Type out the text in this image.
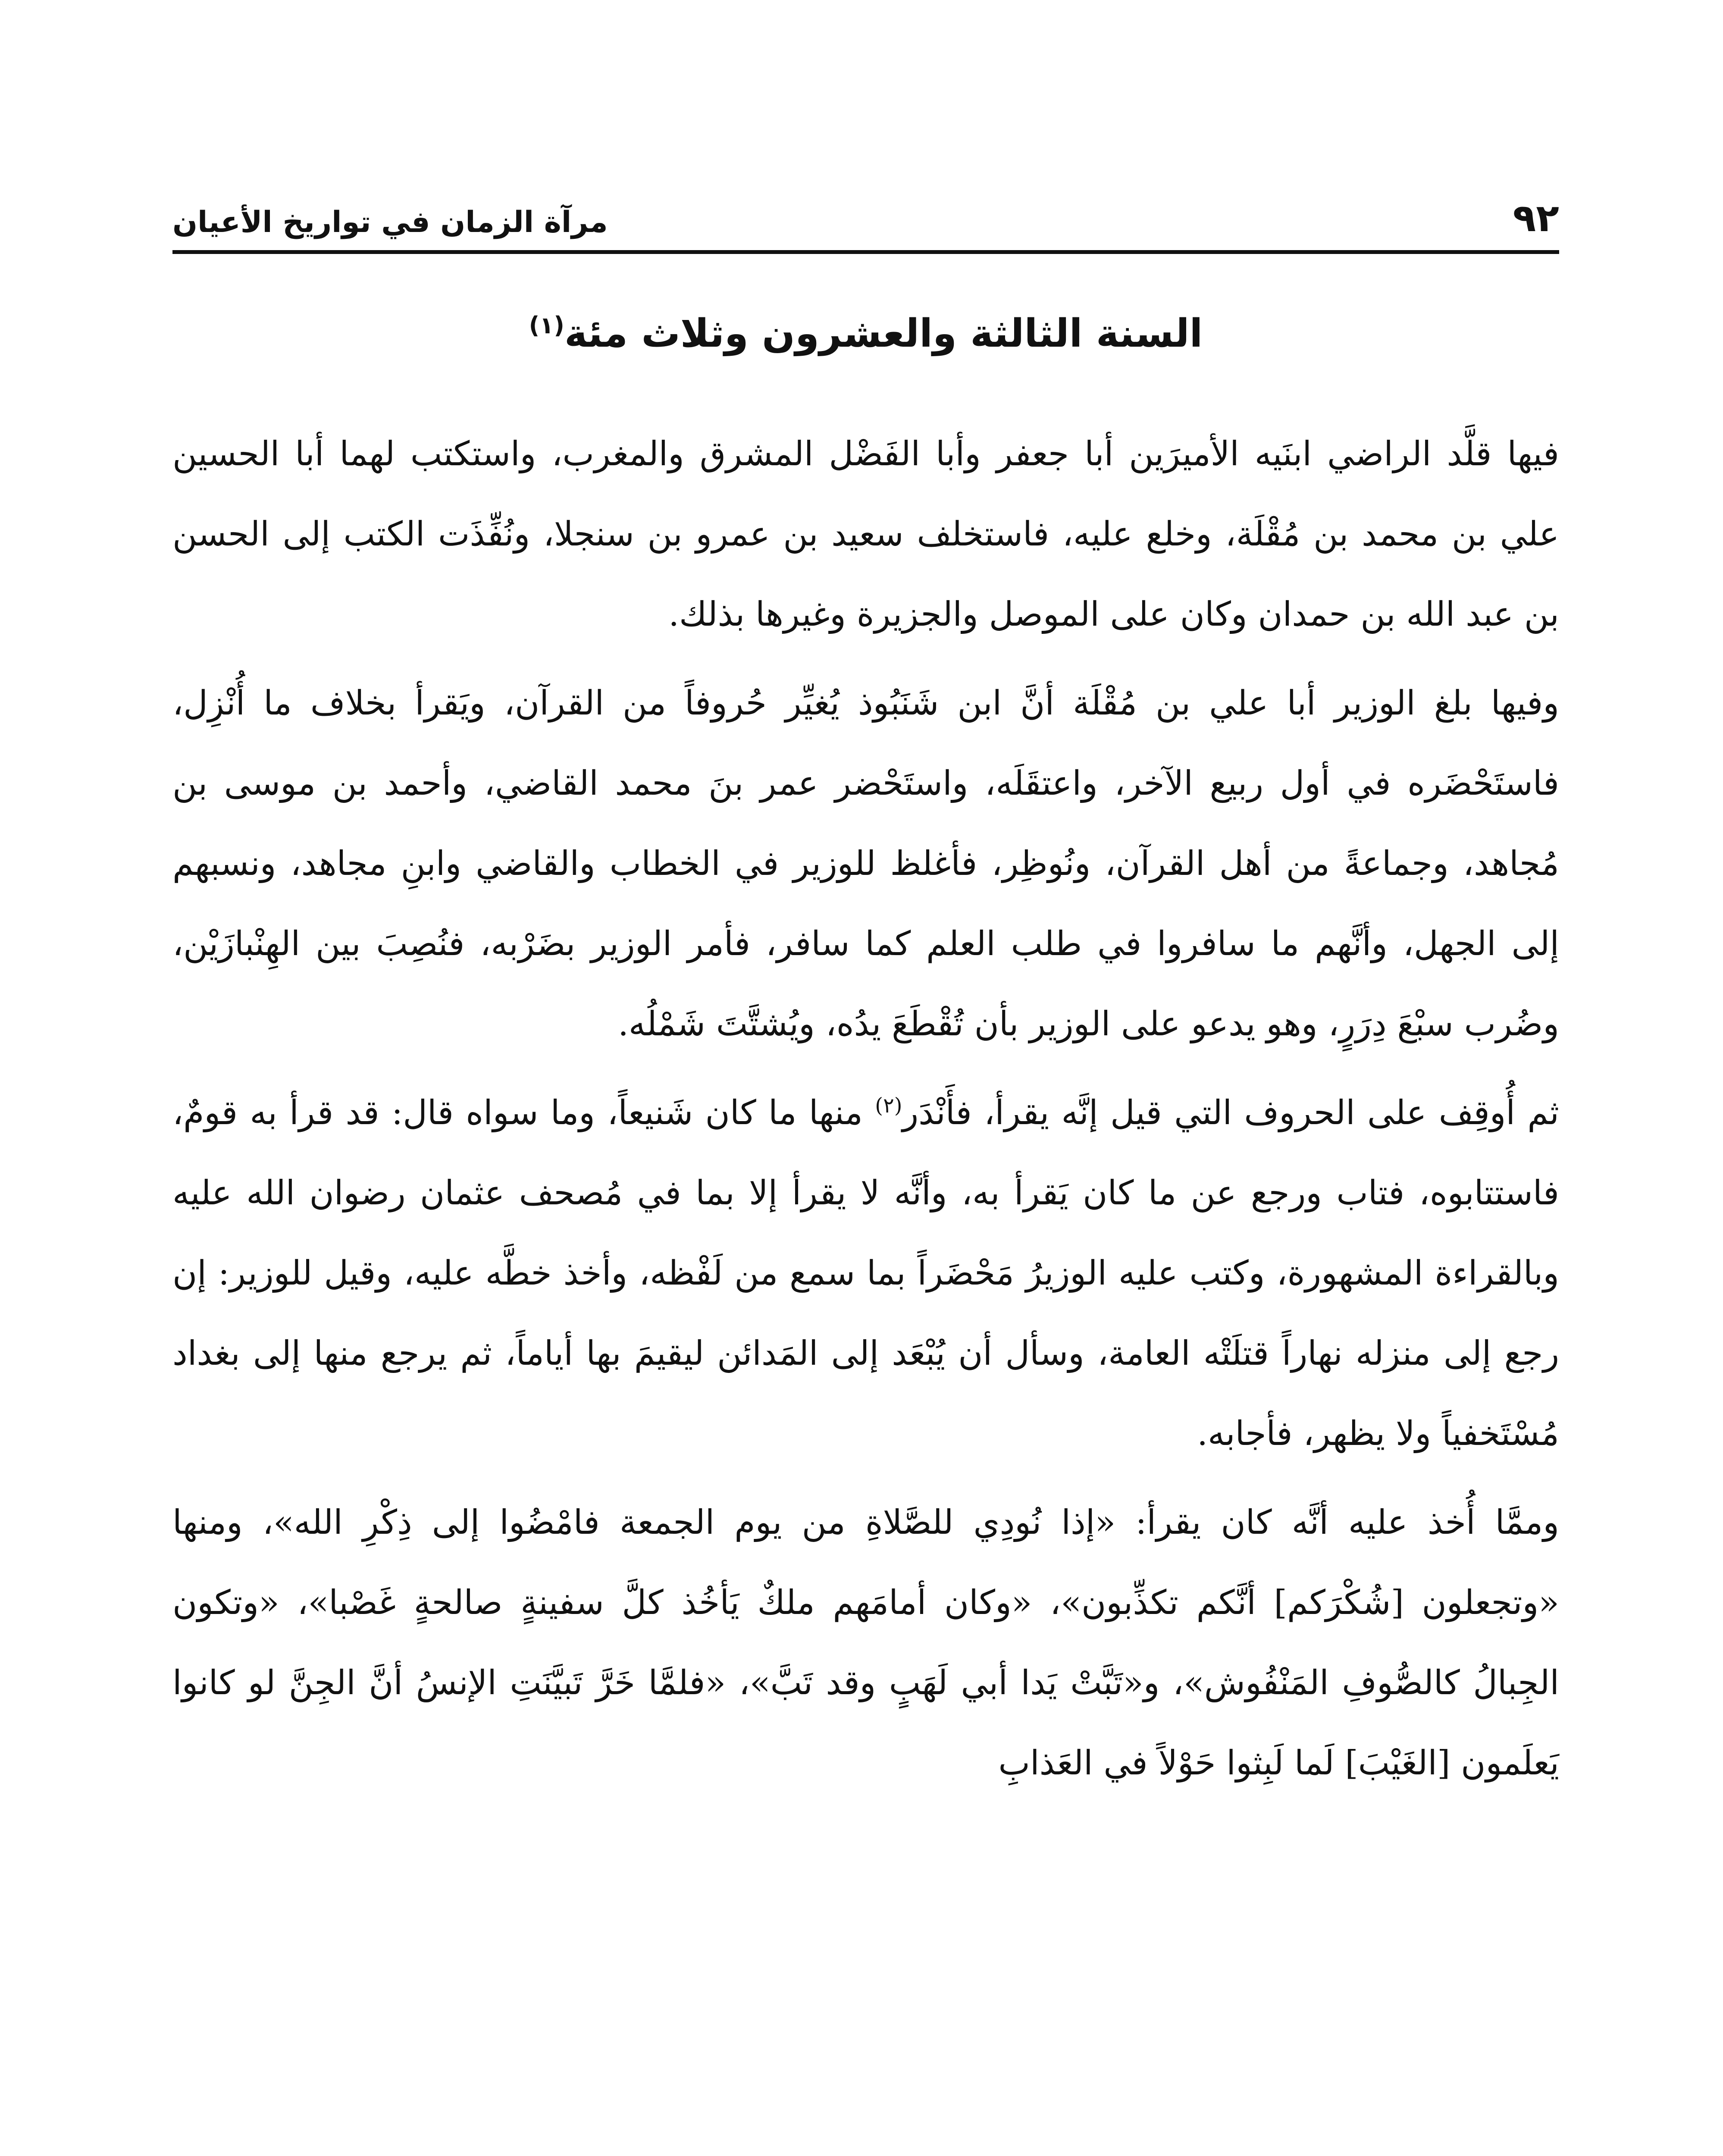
٩٢
مرآة الزمان في تواريخ الأعيان
السنة الثالثة والعشرون وثلاث مئة$^{(١)}$

فيها قلَّد الراضي ابنَيه الأميرَين أبا جعفر وأبا الفَضْل المشرق والمغرب، واستكتب لهما أبا الحسين علي بن محمد بن مُقْلَة، وخلع عليه، فاستخلف سعيد بن عمرو بن سنجلا، ونُفِّذَت الكتب إلى الحسن بن عبد الله بن حمدان وكان على الموصل والجزيرة وغيرها بذلك.

وفيها بلغ الوزير أبا علي بن مُقْلَة أنَّ ابن شَنَبُوذ يُغيِّر حُروفاً من القرآن، ويَقرأ بخلاف ما أُنْزِل، فاستَحْضَره في أول ربيع الآخر، واعتقَلَه، واستَحْضر عمر بنَ محمد القاضي، وأحمد بن موسى بن مُجاهد، وجماعةً من أهل القرآن، ونُوظِر، فأغلظ للوزير في الخطاب والقاضي وابنِ مجاهد، ونسبهم إلى الجهل، وأنَّهم ما سافروا في طلب العلم كما سافر، فأمر الوزير بضَرْبه، فنُصِبَ بين الهِنْبازَيْن، وضُرب سبْعَ دِرَرٍ، وهو يدعو على الوزير بأن تُقْطَعَ يدُه، ويُشتَّتَ شَمْلُه.

ثم أُوقِف على الحروف التي قيل إنَّه يقرأ، فأَنْدَر$^{(٢)}$ منها ما كان شَنيعاً، وما سواه قال: قد قرأ به قومٌ، فاستتابوه، فتاب ورجع عن ما كان يَقرأ به، وأنَّه لا يقرأ إلا بما في مُصحف عثمان رضوان الله عليه وبالقراءة المشهورة، وكتب عليه الوزيرُ مَحْضَراً بما سمع من لَفْظه، وأخذ خطَّه عليه، وقيل للوزير: إن رجع إلى منزله نهاراً قتلَتْه العامة، وسأل أن يُبْعَد إلى المَدائن ليقيمَ بها أياماً، ثم يرجع منها إلى بغداد مُسْتَخفياً ولا يظهر، فأجابه.

وممَّا أُخذ عليه أنَّه كان يقرأ: «إذا نُودِي للصَّلاةِ من يوم الجمعة فامْضُوا إلى ذِكْرِ الله»، ومنها «وتجعلون [شُكْرَكم] أنَّكم تكذِّبون»، «وكان أمامَهم ملكٌ يَأخُذ كلَّ سفينةٍ صالحةٍ غَصْبا»، «وتكون الجِبالُ كالصُّوفِ المَنْفُوش»، و«تَبَّتْ يَدا أبي لَهَبٍ وقد تَبَّ»، «فلمَّا خَرَّ تَبيَّنَتِ الإنسُ أنَّ الجِنَّ لو كانوا يَعلَمون [الغَيْبَ] لَما لَبِثوا حَوْلاً في العَذابِ
